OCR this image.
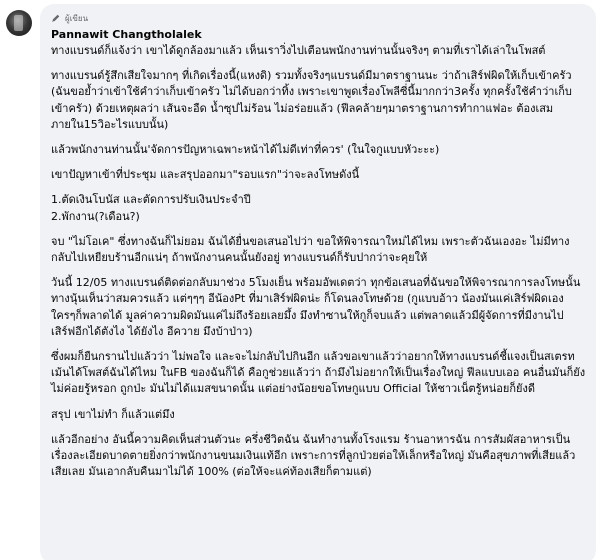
ผู้เขียน
Pannawit Changtholalek
ทางแบรนด์ก็แจ้งว่า เขาได้ดูกล้องมาแล้ว เห็นเราวิ่งไปเตือนพนักงานท่านนั้นจริงๆ ตามที่เราได้เล่าในโพสต์
ทางแบรนด์รู้สึกเสียใจมากๆ ที่เกิดเรื่องนี้(แหงดิ) รวมทั้งจริงๆแบรนด์มีมาตราฐานนะ ว่าถ้าเสิร์ฟผิดให้เก็บเข้าครัว (ฉันขอย้ำว่าเข้าใช้คำว่าเก็บเข้าครัว ไม่ได้บอกว่าทิ้ง เพราะเขาพูดเรื่องโพลีซี่นี้มากกว่า3ครั้ง ทุกครั้งใช้คำว่าเก็บเข้าครัว) ด้วยเหตุผลว่า เส้นจะอืด น้ำซุปไม่ร้อน ไม่อร่อยแล้ว (ฟีลคล้ายๆมาตราฐานการทำกาแฟอะ ต้องเสมภายใน15วิอะไรแบบนั้น)
แล้วพนักงานท่านนั้น'จัดการปัญหาเฉพาะหน้าได้ไม่ดีเท่าที่ควร' (ในใจกูแบบหัวะะะ)
เขาปัญหาเข้าที่ประชุม และสรุปออกมา"รอบแรก"ว่าจะลงโทษดังนี้
1.ตัดเงินโบนัส และตัดการปรับเงินประจำปี
2.พักงาน(?เดือน?)
จบ "ไม่โอเค" ซึ่งทางฉันก็ไม่ยอม ฉันได้ยื่นขอเสนอไปว่า ขอให้พิจารณาใหม่ได้ไหม เพราะตัวฉันเองอะ ไม่มีทางกลับไปเหยียบร้านอีกแน่ๆ ถ้าพนักงานคนนั้นยังอยู่ ทางแบรนด์ก็รับปากว่าจะคุยให้
วันนี้ 12/05 ทางแบรนด์ติดต่อกลับมาช่วง 5โมงเย็น พร้อมอัพเดตว่า ทุกข้อเสนอที่ฉันขอให้พิจารณาการลงโทษนั้น ทางนุ้นเห็นว่าสมควรแล้ว แต่ๆๆๆ อีน้องPt ที่มาเสิร์ฟผิดน่ะ ก็โดนลงโทษด้วย (กูแบบอ้าว น้องมันแค่เสิร์ฟผิดเอง ใครๆก็พลาดได้ มูลค่าความผิดมันแค่ไม่ถึงร้อยเลยมึ้ง มึงทำซานให้กูก็จบแล้ว แต่พลาดแล้วมีผู้จัดการที่มีงานไปเสิร์ฟอีกได้ตังไง ได้ยังไง อีควาย มึงบ้าป่าว)
ซึ่งผมก็ยืนกรานไปแล้วว่า ไม่พอใจ และจะไม่กลับไปกินอีก แล้วขอเขาแล้วว่าอยากให้ทางแบรนด์ชี้แจงเป็นสเตรทเม้นได้โพสต์ฉันได้ไหม ในFB ของฉันก็ได้ คือกูช่วยแล้วว่า ถ้ามึงไม่อยากให้เป็นเรื่องใหญ่ ฟีลแบบเออ คนอื่นมันก็ยังไม่ค่อยรู้หรอก ถูกป่ะ มันไม่ได้แมสขนาดนั้น แต่อย่างน้อยขอโทษกูแบบ Official ให้ชาวเน็ตรู้หน่อยก็ยังดี
สรุป เขาไม่ทำ ก็แล้วแต่มึง
แล้วอีกอย่าง อันนี้ความคิดเห็นส่วนตัวนะ ครึ่งชีวิตฉัน ฉันทำงานทั้งโรงแรม ร้านอาหารฉัน การสัมผัสอาหารเป็นเรื่องละเอียดบาดตายยิ่งกว่าพนักงานขนมเงินแท้อีก เพราะการที่ลูกป่วยต่อให้เล็กหรือใหญ่ มันคือสุขภาพที่เสียแล้วเสียเลย มันเอากลับคืนมาไม่ได้ 100% (ต่อให้จะแค่ท้องเสียก็ตามแต่)
